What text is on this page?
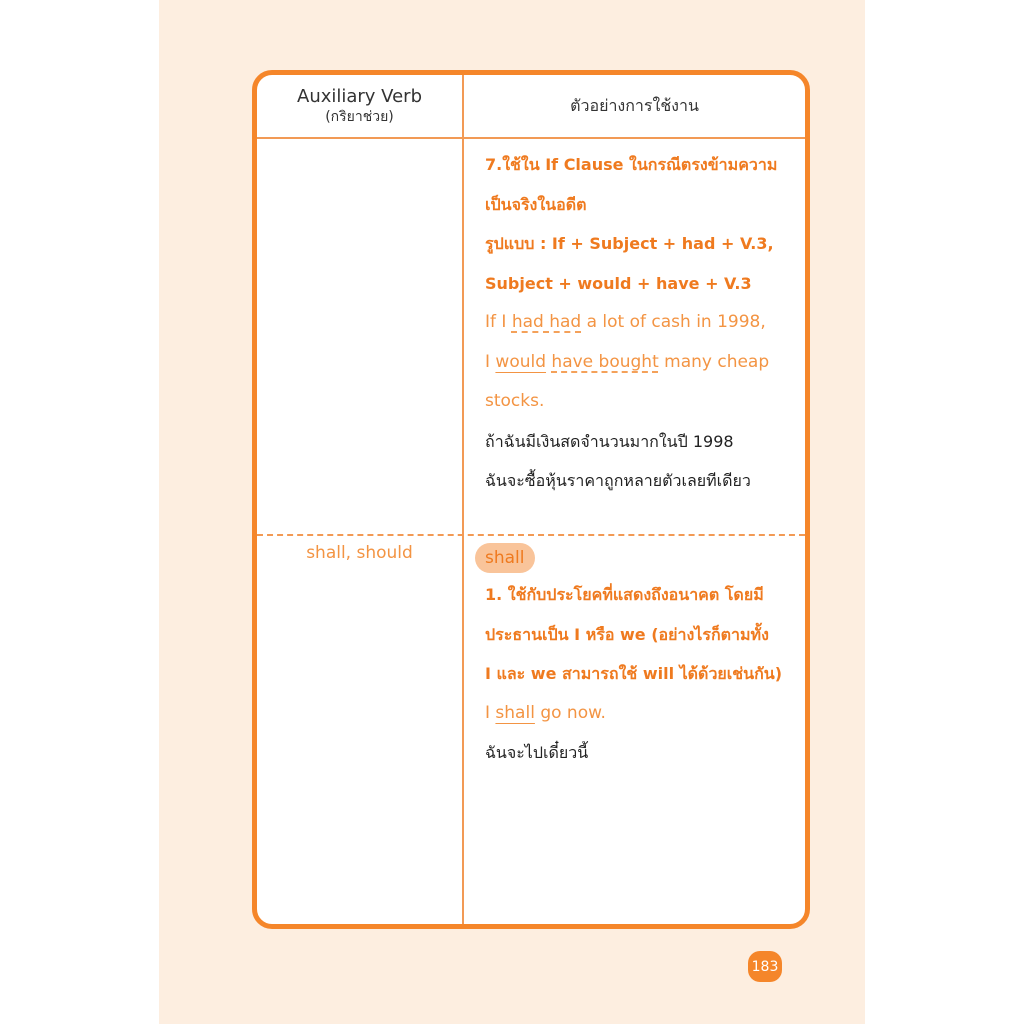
Auxiliary Verb
(กริยาช่วย)
ตัวอย่างการใช้งาน
7.ใช้ใน If Clause ในกรณีตรงข้ามความ
เป็นจริงในอดีต
รูปแบบ : If + Subject + had + V.3,
Subject + would + have + V.3
If I had had a lot of cash in 1998,
I would have bought many cheap
stocks.
ถ้าฉันมีเงินสดจำนวนมากในปี 1998
ฉันจะซื้อหุ้นราคาถูกหลายตัวเลยทีเดียว
shall, should	shall
1. ใช้กับประโยคที่แสดงถึงอนาคต โดยมี
ประธานเป็น I หรือ we (อย่างไรก็ตามทั้ง
I และ we สามารถใช้ will ได้ด้วยเช่นกัน)
I shall go now.
ฉันจะไปเดี๋ยวนี้
183
